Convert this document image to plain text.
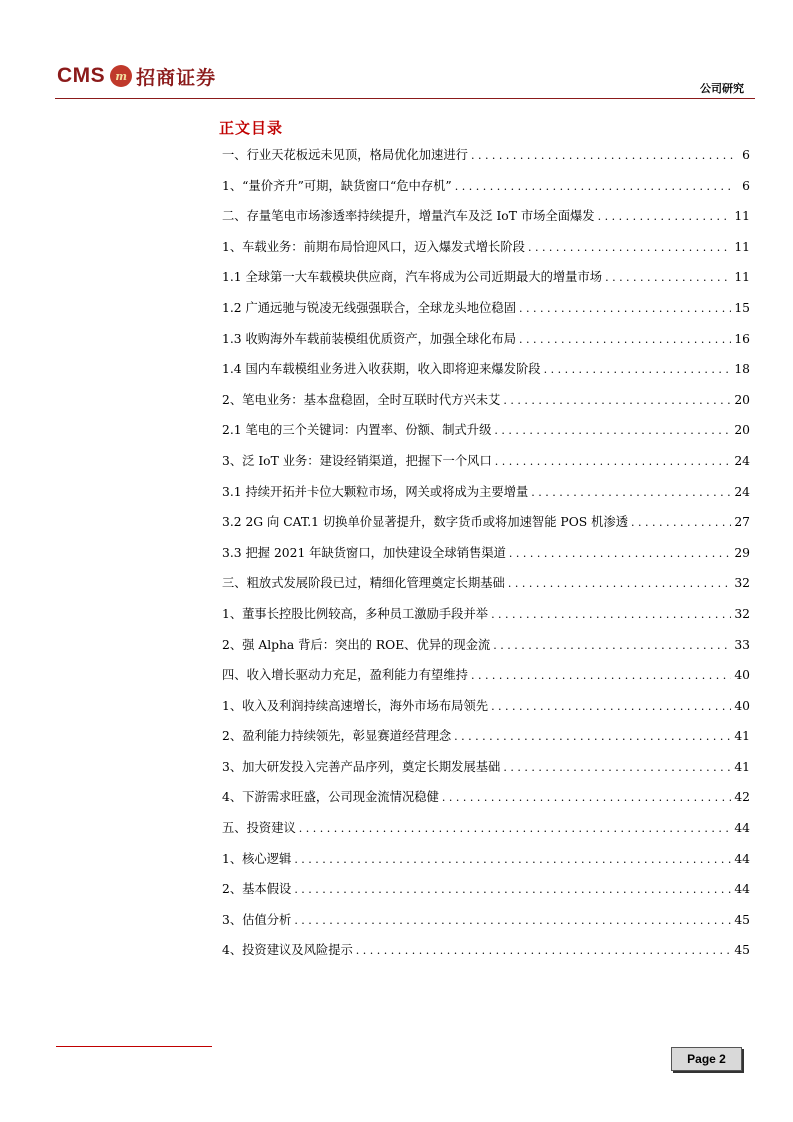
CMS m 招商证券	公司研究
正文目录
一、行业天花板远未见顶，格局优化加速进行 . . .	6
1、“量价齐升”可期，缺货窗口“危中存机” . . .	6
二、存量笔电市场渗透率持续提升，增量汽车及泛 IoT 市场全面爆发 . . .	11
1、车载业务：前期布局恰迎风口，迈入爆发式增长阶段 . . .	11
1.1 全球第一大车载模块供应商，汽车将成为公司近期最大的增量市场 . . .	11
1.2 广通远驰与锐凌无线强强联合，全球龙头地位稳固 . . .	15
1.3 收购海外车载前装模组优质资产，加强全球化布局 . . .	16
1.4 国内车载模组业务进入收获期，收入即将迎来爆发阶段 . . .	18
2、笔电业务：基本盘稳固，全时互联时代方兴未艾 . . .	20
2.1 笔电的三个关键词：内置率、份额、制式升级 . . .	20
3、泛 IoT 业务：建设经销渠道，把握下一个风口 . . .	24
3.1 持续开拓并卡位大颗粒市场，网关或将成为主要增量 . . .	24
3.2 2G 向 CAT.1 切换单价显著提升，数字货币或将加速智能 POS 机渗透 . . .	27
3.3 把握 2021 年缺货窗口，加快建设全球销售渠道 . . .	29
三、粗放式发展阶段已过，精细化管理奠定长期基础 . . .	32
1、董事长控股比例较高，多种员工激励手段并举 . . .	32
2、强 Alpha 背后：突出的 ROE、优异的现金流 . . .	33
四、收入增长驱动力充足，盈利能力有望维持 . . .	40
1、收入及利润持续高速增长，海外市场布局领先 . . .	40
2、盈利能力持续领先，彰显赛道经营理念 . . .	41
3、加大研发投入完善产品序列，奠定长期发展基础 . . .	41
4、下游需求旺盛，公司现金流情况稳健 . . .	42
五、投资建议 . . .	44
1、核心逻辑 . . .	44
2、基本假设 . . .	44
3、估值分析 . . .	45
4、投资建议及风险提示 . . .	45
Page 2
